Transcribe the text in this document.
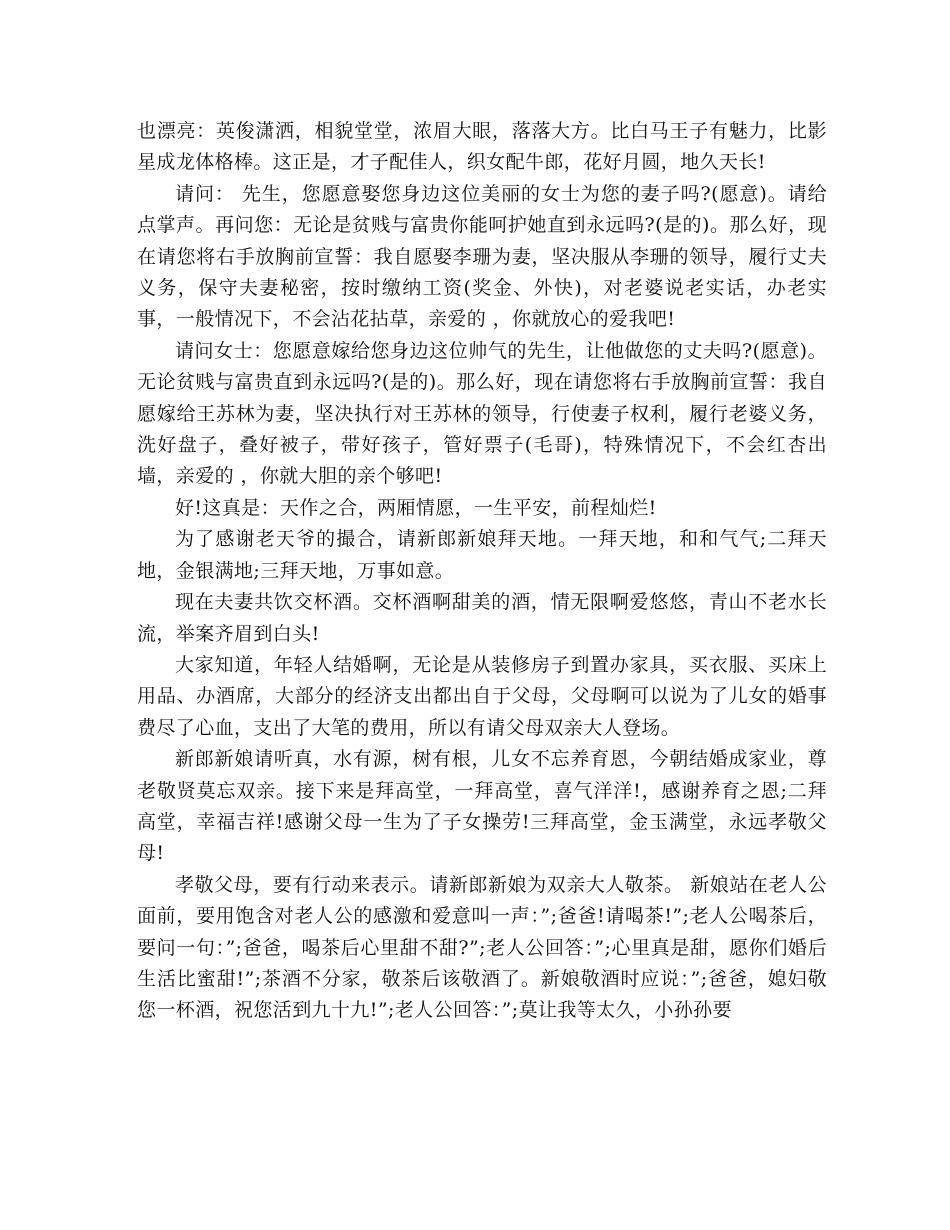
也漂亮：英俊潇洒，相貌堂堂，浓眉大眼，落落大方。比白马王子有魅力，比影星成龙体格棒。这正是，才子配佳人，织女配牛郎，花好月圆，地久天长!

请问： 先生，您愿意娶您身边这位美丽的女士为您的妻子吗?(愿意)。请给点掌声。再问您：无论是贫贱与富贵你能呵护她直到永远吗?(是的)。那么好，现在请您将右手放胸前宣誓：我自愿娶李珊为妻，坚决服从李珊的领导，履行丈夫义务，保守夫妻秘密，按时缴纳工资(奖金、外快)，对老婆说老实话，办老实事，一般情况下，不会沾花拈草，亲爱的 ，你就放心的爱我吧!

请问女士：您愿意嫁给您身边这位帅气的先生，让他做您的丈夫吗?(愿意)。无论贫贱与富贵直到永远吗?(是的)。那么好，现在请您将右手放胸前宣誓：我自愿嫁给王苏林为妻，坚决执行对王苏林的领导，行使妻子权利，履行老婆义务，洗好盘子，叠好被子，带好孩子，管好票子(毛哥)，特殊情况下，不会红杏出墙，亲爱的 ，你就大胆的亲个够吧!

好!这真是：天作之合，两厢情愿，一生平安，前程灿烂!

为了感谢老天爷的撮合，请新郎新娘拜天地。一拜天地，和和气气;二拜天地，金银满地;三拜天地，万事如意。

现在夫妻共饮交杯酒。交杯酒啊甜美的酒，情无限啊爱悠悠，青山不老水长流，举案齐眉到白头!

大家知道，年轻人结婚啊，无论是从装修房子到置办家具，买衣服、买床上用品、办酒席，大部分的经济支出都出自于父母，父母啊可以说为了儿女的婚事费尽了心血，支出了大笔的费用，所以有请父母双亲大人登场。

新郎新娘请听真，水有源，树有根，儿女不忘养育恩，今朝结婚成家业，尊老敬贤莫忘双亲。接下来是拜高堂，一拜高堂，喜气洋洋!，感谢养育之恩;二拜高堂，幸福吉祥!感谢父母一生为了子女操劳!三拜高堂，金玉满堂，永远孝敬父母!

孝敬父母，要有行动来表示。请新郎新娘为双亲大人敬茶。 新娘站在老人公面前，要用饱含对老人公的感激和爱意叫一声：”;爸爸!请喝茶!”;老人公喝茶后，要问一句：”;爸爸，喝茶后心里甜不甜?”;老人公回答：”;心里真是甜，愿你们婚后生活比蜜甜!”;茶酒不分家，敬茶后该敬酒了。新娘敬酒时应说：”;爸爸，媳妇敬您一杯酒，祝您活到九十九!”;老人公回答：”;莫让我等太久，小孙孙要
